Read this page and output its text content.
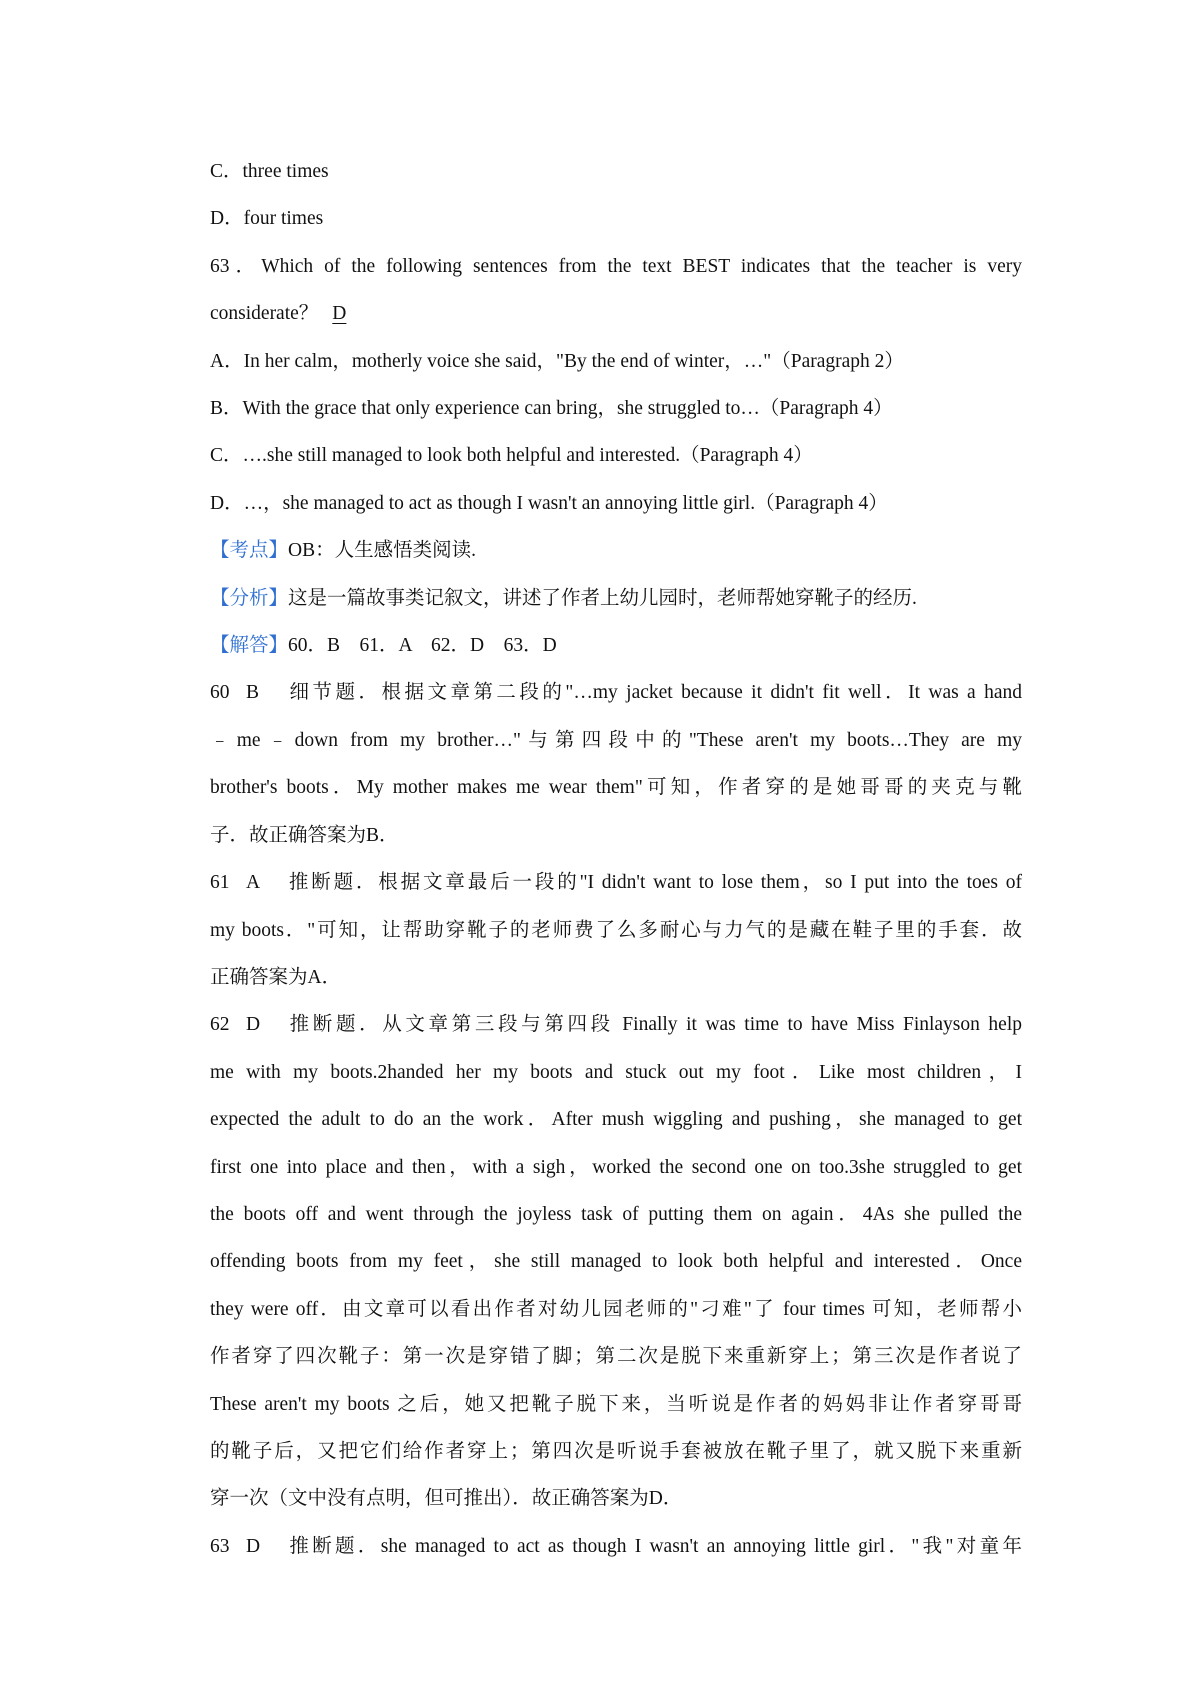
C．three times

D．four times

63．Which of the following sentences from the text BEST indicates that the teacher is very

considerate？ D

A．In her calm，motherly voice she said，"By the end of winter，…"（Paragraph 2）

B．With the grace that only experience can bring，she struggled to…（Paragraph 4）

C．….she still managed to look both helpful and interested.（Paragraph 4）

D．…，she managed to act as though I wasn't an annoying little girl.（Paragraph 4）

【考点】OB：人生感悟类阅读.

【分析】这是一篇故事类记叙文，讲述了作者上幼儿园时，老师帮她穿靴子的经历.

【解答】60．B　61．A　62．D　63．D

60 B 细节题．根据文章第二段的"…my jacket because it didn't fit well．It was a hand

﹣me﹣down from my brother…"与第四段中的"These aren't my boots…They are my

brother's boots．My mother makes me wear them"可知，作者穿的是她哥哥的夹克与靴

子．故正确答案为B．

61 A 推断题．根据文章最后一段的"I didn't want to lose them，so I put into the toes of

my boots．"可知，让帮助穿靴子的老师费了么多耐心与力气的是藏在鞋子里的手套．故

正确答案为A．

62 D 推断题．从文章第三段与第四段 Finally it was time to have Miss Finlayson help

me with my boots.2handed her my boots and stuck out my foot．Like most children，I

expected the adult to do an the work．After mush wiggling and pushing，she managed to get

first one into place and then，with a sigh，worked the second one on too.3she struggled to get

the boots off and went through the joyless task of putting them on again．4As she pulled the

offending boots from my feet，she still managed to look both helpful and interested．Once

they were off．由文章可以看出作者对幼儿园老师的"刁难"了 four times 可知，老师帮小

作者穿了四次靴子：第一次是穿错了脚；第二次是脱下来重新穿上；第三次是作者说了

These aren't my boots 之后，她又把靴子脱下来，当听说是作者的妈妈非让作者穿哥哥

的靴子后，又把它们给作者穿上；第四次是听说手套被放在靴子里了，就又脱下来重新

穿一次（文中没有点明，但可推出）．故正确答案为D．

63 D 推断题．she managed to act as though I wasn't an annoying little girl．"我"对童年
